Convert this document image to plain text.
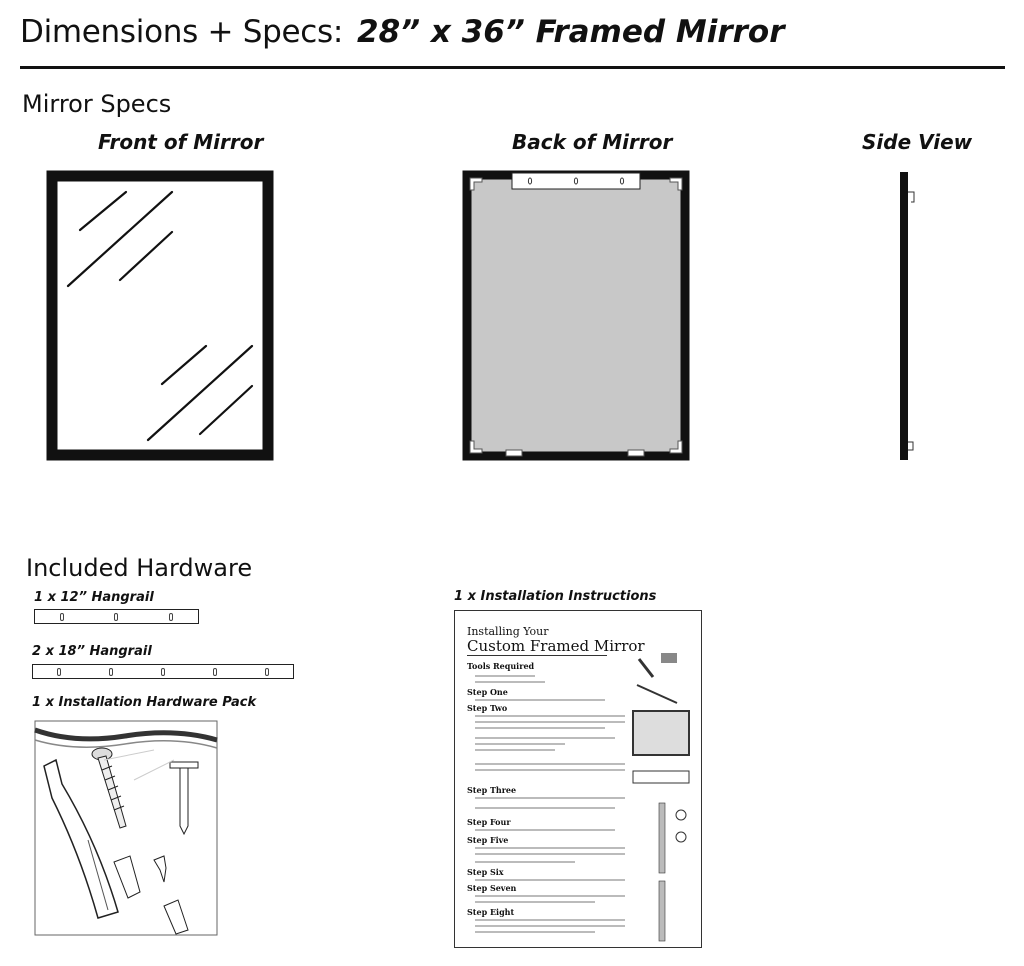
Dimensions + Specs: 28” x 36” Framed Mirror
Mirror Specs
Front of Mirror	Back of Mirror	Side View
Included Hardware
1 x 12” Hangrail
2 x 18” Hangrail
1 x Installation Hardware Pack
1 x Installation Instructions
Installing Your
Custom Framed Mirror
Tools Required
Step One
Step Two
Step Three
Step Four
Step Five
Step Six
Step Seven
Step Eight
